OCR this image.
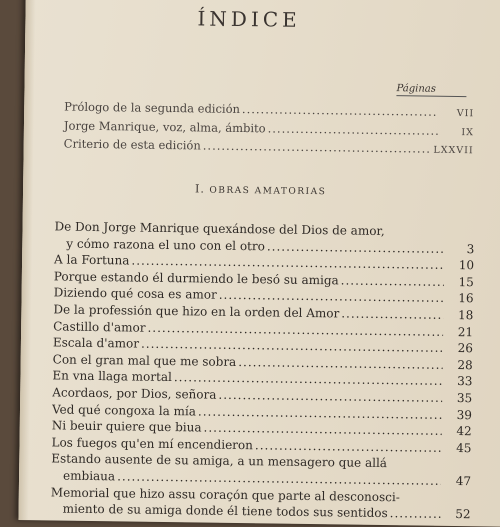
ÍNDICE
Páginas
Prólogo de la segunda edición .....	VII
Jorge Manrique, voz, alma, ámbito .....	IX
Criterio de esta edición .....	LXXVII
I. OBRAS AMATORIAS
De Don Jorge Manrique quexándose del Dios de amor,
y cómo razona el uno con el otro .....	3
A la Fortuna .....	10
Porque estando él durmiendo le besó su amiga .....	15
Diziendo qué cosa es amor .....	16
De la professión que hizo en la orden del Amor .....	18
Castillo d'amor .....	21
Escala d'amor .....	26
Con el gran mal que me sobra .....	28
En vna llaga mortal .....	33
Acordaos, por Dios, señora .....	35
Ved qué congoxa la mía .....	39
Ni beuir quiere que biua .....	42
Los fuegos qu'en mí encendieron .....	45
Estando ausente de su amiga, a un mensagero que allá
embiaua .....	47
Memorial que hizo assu coraçón que parte al desconosci-
miento de su amiga donde él tiene todos sus sentidos .....	52
